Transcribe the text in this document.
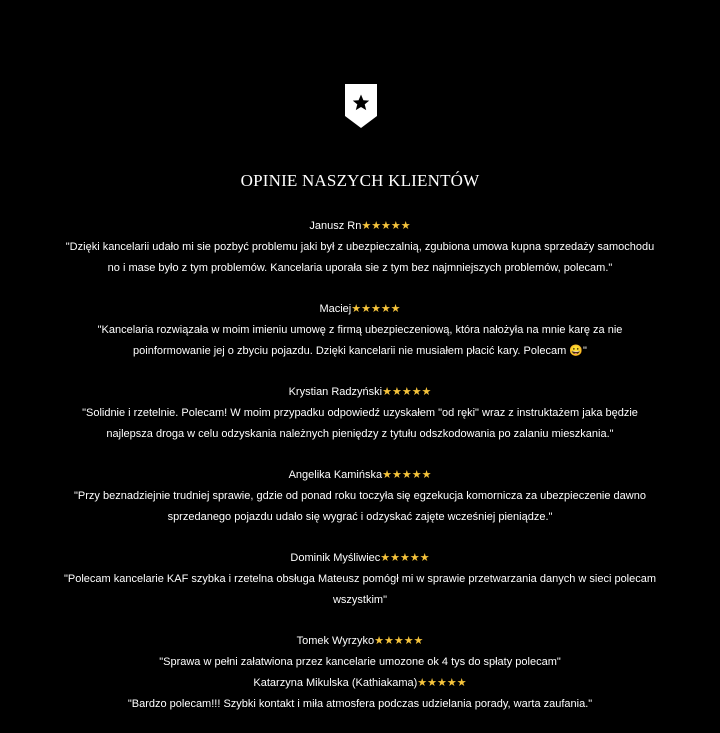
OPINIE NASZYCH KLIENTÓW
Janusz Rn★★★★★
"Dzięki kancelarii udało mi sie pozbyć problemu jaki był z ubezpieczalnią, zgubiona umowa kupna sprzedaży samochodu no i mase było z tym problemów. Kancelaria uporała sie z tym bez najmniejszych problemów, polecam."
Maciej★★★★★
"Kancelaria rozwiązała w moim imieniu umowę z firmą ubezpieczeniową, która nałożyła na mnie karę za nie poinformowanie jej o zbyciu pojazdu. Dzięki kancelarii nie musiałem płacić kary. Polecam 😀"
Krystian Radzyński★★★★★
"Solidnie i rzetelnie. Polecam! W moim przypadku odpowiedź uzyskałem "od ręki" wraz z instruktażem jaka będzie najlepsza droga w celu odzyskania należnych pieniędzy z tytułu odszkodowania po zalaniu mieszkania."
Angelika Kamińska★★★★★
"Przy beznadziejnie trudniej sprawie, gdzie od ponad roku toczyła się egzekucja komornicza za ubezpieczenie dawno sprzedanego pojazdu udało się wygrać i odzyskać zajęte wcześniej pieniądze."
Dominik Myśliwiec★★★★★
"Polecam kancelarie KAF szybka i rzetelna obsługa Mateusz pomógł mi w sprawie przetwarzania danych w sieci polecam wszystkim"
Tomek Wyrzyko★★★★★
"Sprawa w pełni załatwiona przez kancelarie umozone ok 4 tys do spłaty polecam"
Katarzyna Mikulska (Kathiakama)★★★★★
"Bardzo polecam!!! Szybki kontakt i miła atmosfera podczas udzielania porady, warta zaufania."
